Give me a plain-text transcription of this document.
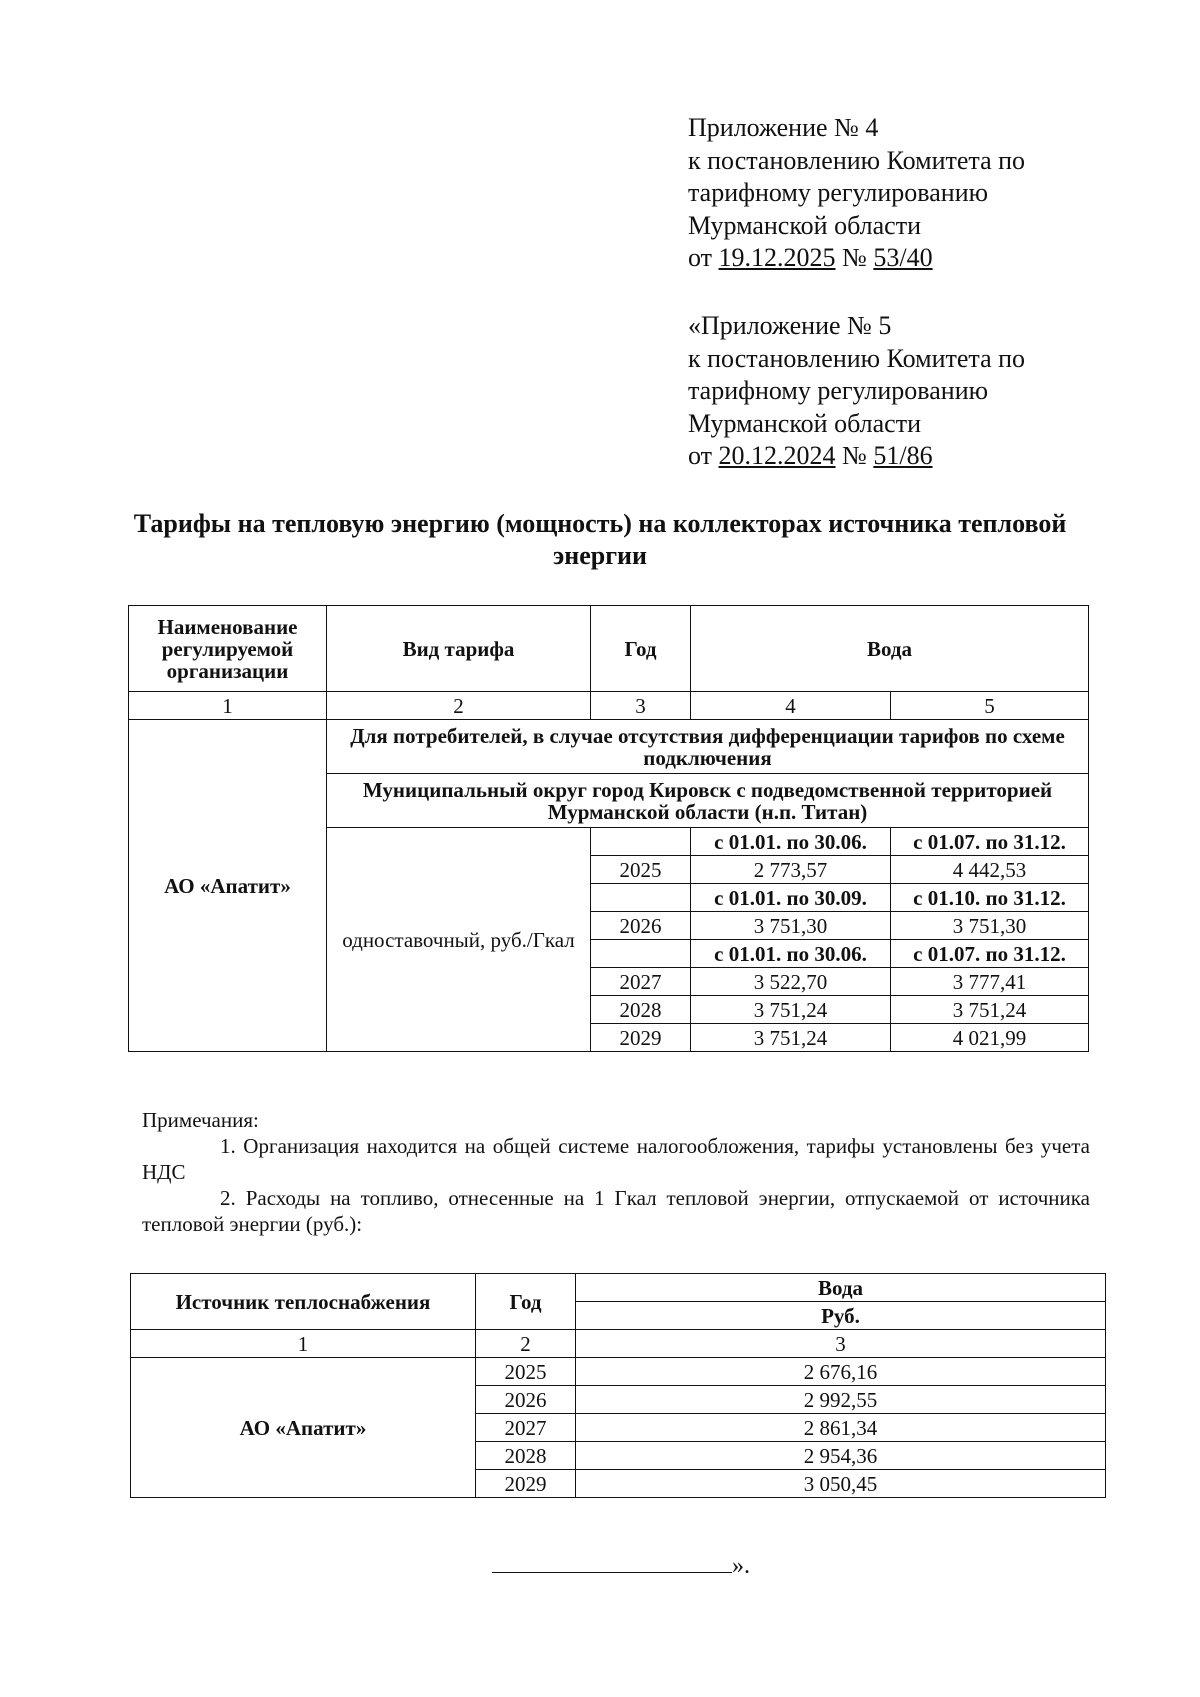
Приложение № 4
к постановлению Комитета по
тарифному регулированию
Мурманской области
от 19.12.2025 № 53/40
«Приложение № 5
к постановлению Комитета по
тарифному регулированию
Мурманской области
от 20.12.2024 № 51/86
Тарифы на тепловую энергию (мощность) на коллекторах источника тепловой энергии
Наименование регулируемой организации	Вид тарифа	Год	Вода	
1	2	3	4	5
АО «Апатит»	Для потребителей, в случае отсутствия дифференциации тарифов по схеме подключения			
	Муниципальный округ город Кировск с подведомственной территорией Мурманской области (н.п. Титан)			
	одноставочный, руб./Гкал		с 01.01. по 30.06.	с 01.07. по 31.12.
		2025	2 773,57	4 442,53
			с 01.01. по 30.09.	с 01.10. по 31.12.
		2026	3 751,30	3 751,30
			с 01.01. по 30.06.	с 01.07. по 31.12.
		2027	3 522,70	3 777,41
		2028	3 751,24	3 751,24
		2029	3 751,24	4 021,99

Примечания:

1. Организация находится на общей системе налогообложения, тарифы установлены без учета НДС

2. Расходы на топливо, отнесенные на 1 Гкал тепловой энергии, отпускаемой от источника тепловой энергии (руб.):

Источник теплоснабжения	Год	Вода
		Руб.
1	2	3
АО «Апатит»	2025	2 676,16
	2026	2 992,55
	2027	2 861,34
	2028	2 954,36
	2029	3 050,45
».
